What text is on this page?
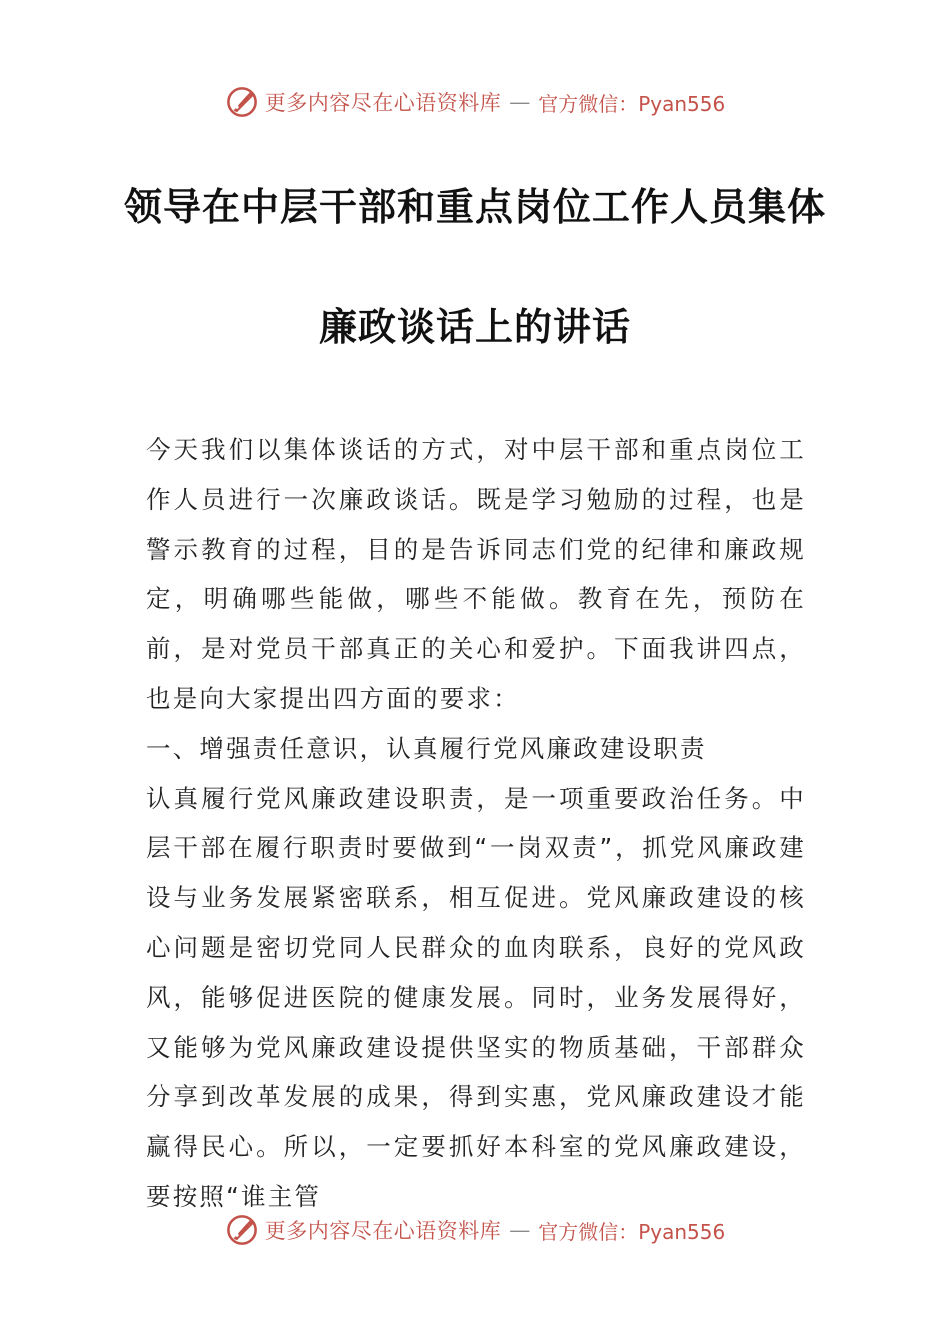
更多内容尽在心语资料库 — 官方微信：Pyan556
领导在中层干部和重点岗位工作人员集体
廉政谈话上的讲话

今天我们以集体谈话的方式，对中层干部和重点岗位工作人员进行一次廉政谈话。既是学习勉励的过程，也是警示教育的过程，目的是告诉同志们党的纪律和廉政规定，明确哪些能做，哪些不能做。教育在先，预防在前，是对党员干部真正的关心和爱护。下面我讲四点，也是向大家提出四方面的要求：

一、增强责任意识，认真履行党风廉政建设职责

认真履行党风廉政建设职责，是一项重要政治任务。中层干部在履行职责时要做到“一岗双责”，抓党风廉政建设与业务发展紧密联系，相互促进。党风廉政建设的核心问题是密切党同人民群众的血肉联系，良好的党风政风，能够促进医院的健康发展。同时，业务发展得好，又能够为党风廉政建设提供坚实的物质基础，干部群众分享到改革发展的成果，得到实惠，党风廉政建设才能赢得民心。所以，一定要抓好本科室的党风廉政建设，要按照“谁主管

更多内容尽在心语资料库 — 官方微信：Pyan556
